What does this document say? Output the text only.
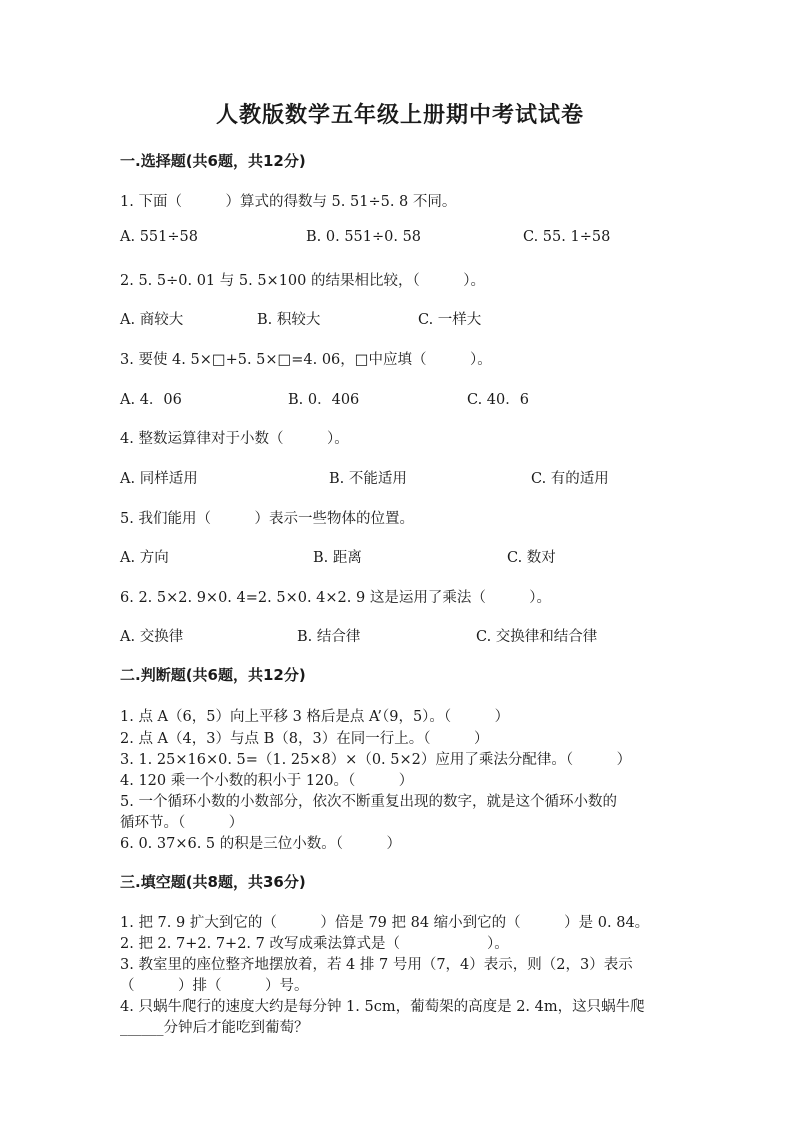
人教版数学五年级上册期中考试试卷
一.选择题(共6题，共12分)
1. 下面（　　　）算式的得数与 5. 51÷5. 8 不同。
A. 551÷58	B. 0. 551÷0. 58	C. 55. 1÷58
2. 5. 5÷0. 01 与 5. 5×100 的结果相比较，（　　　）。
A. 商较大	B. 积较大	C. 一样大
3. 要使 4. 5×□+5. 5×□=4. 06，□中应填（　　　）。
A. 4．06	B. 0．406	C. 40．6
4. 整数运算律对于小数（　　　）。
A. 同样适用	B. 不能适用	C. 有的适用
5. 我们能用（　　　）表示一些物体的位置。
A. 方向	B. 距离	C. 数对
6. 2. 5×2. 9×0. 4=2. 5×0. 4×2. 9 这是运用了乘法（　　　）。
A. 交换律	B. 结合律	C. 交换律和结合律
二.判断题(共6题，共12分)
1. 点 A（6，5）向上平移 3 格后是点 A’（9，5）。（　　　）
2. 点 A（4，3）与点 B（8，3）在同一行上。（　　　）
3. 1. 25×16×0. 5=（1. 25×8）×（0. 5×2）应用了乘法分配律。（　　　）
4. 120 乘一个小数的积小于 120。（　　　）
5. 一个循环小数的小数部分，依次不断重复出现的数字，就是这个循环小数的
循环节。（　　　）
6. 0. 37×6. 5 的积是三位小数。（　　　）
三.填空题(共8题，共36分)
1. 把 7. 9 扩大到它的（　　　）倍是 79 把 84 缩小到它的（　　　）是 0. 84。
2. 把 2. 7+2. 7+2. 7 改写成乘法算式是（　　　　　　）。
3. 教室里的座位整齐地摆放着，若 4 排 7 号用（7，4）表示，则（2，3）表示
（　　　）排（　　　）号。
4. 只蜗牛爬行的速度大约是每分钟 1. 5cm，葡萄架的高度是 2. 4m，这只蜗牛爬
______分钟后才能吃到葡萄？
